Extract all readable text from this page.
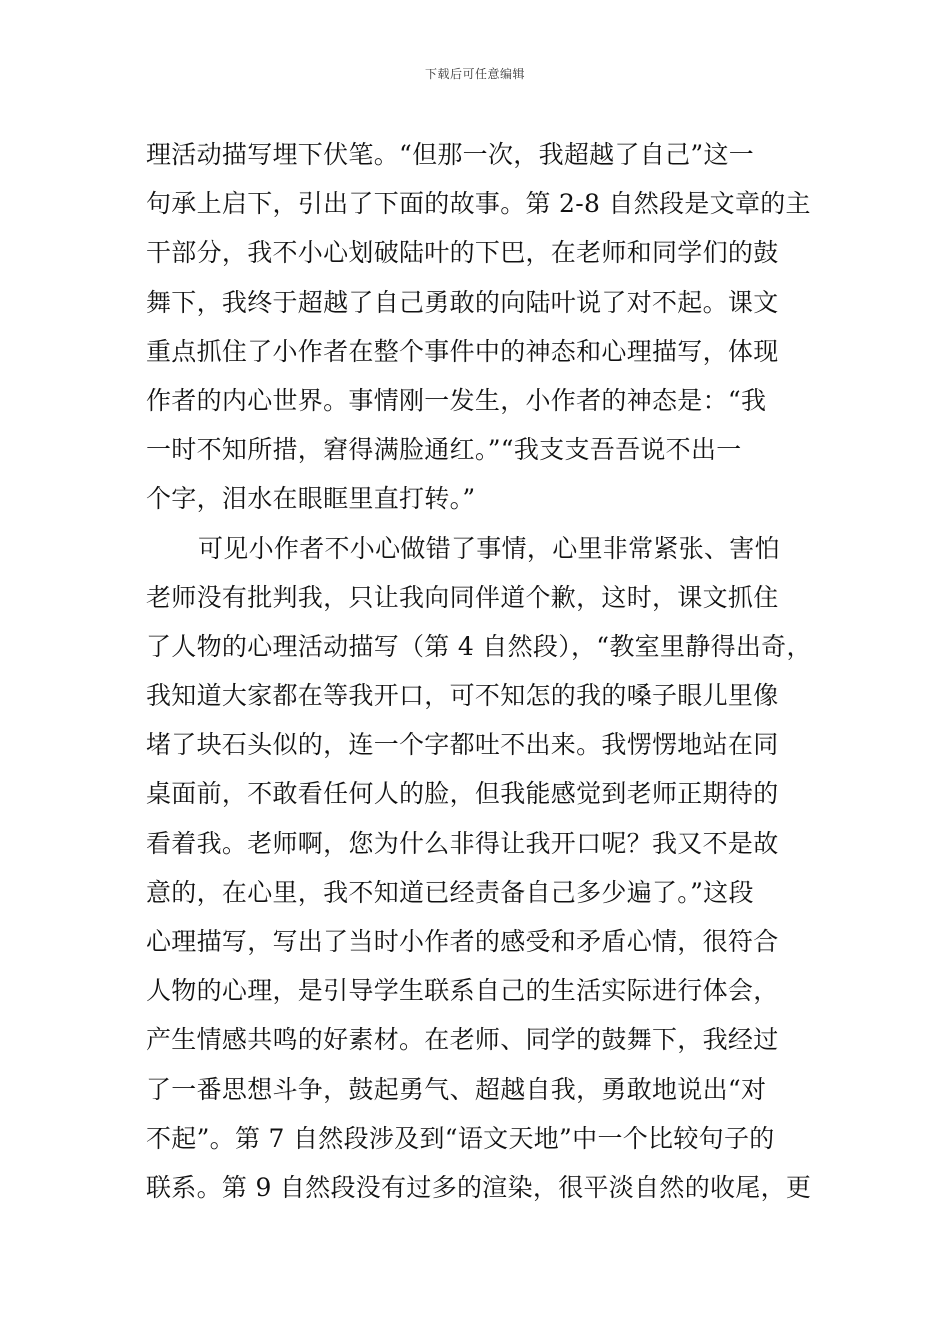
下载后可任意编辑
理活动描写埋下伏笔。“但那一次，我超越了自己”这一
句承上启下，引出了下面的故事。第 2-8 自然段是文章的主
干部分，我不小心划破陆叶的下巴，在老师和同学们的鼓
舞下，我终于超越了自己勇敢的向陆叶说了对不起。课文
重点抓住了小作者在整个事件中的神态和心理描写，体现
作者的内心世界。事情刚一发生，小作者的神态是：“我
一时不知所措，窘得满脸通红。”“我支支吾吾说不出一
个字，泪水在眼眶里直打转。”
可见小作者不小心做错了事情，心里非常紧张、害怕
老师没有批判我，只让我向同伴道个歉，这时，课文抓住
了人物的心理活动描写（第 4 自然段），“教室里静得出奇，
我知道大家都在等我开口，可不知怎的我的嗓子眼儿里像
堵了块石头似的，连一个字都吐不出来。我愣愣地站在同
桌面前，不敢看任何人的脸，但我能感觉到老师正期待的
看着我。老师啊，您为什么非得让我开口呢？我又不是故
意的，在心里，我不知道已经责备自己多少遍了。”这段
心理描写，写出了当时小作者的感受和矛盾心情，很符合
人物的心理，是引导学生联系自己的生活实际进行体会，
产生情感共鸣的好素材。在老师、同学的鼓舞下，我经过
了一番思想斗争，鼓起勇气、超越自我，勇敢地说出“对
不起”。第 7 自然段涉及到“语文天地”中一个比较句子的
联系。第 9 自然段没有过多的渲染，很平淡自然的收尾，更
